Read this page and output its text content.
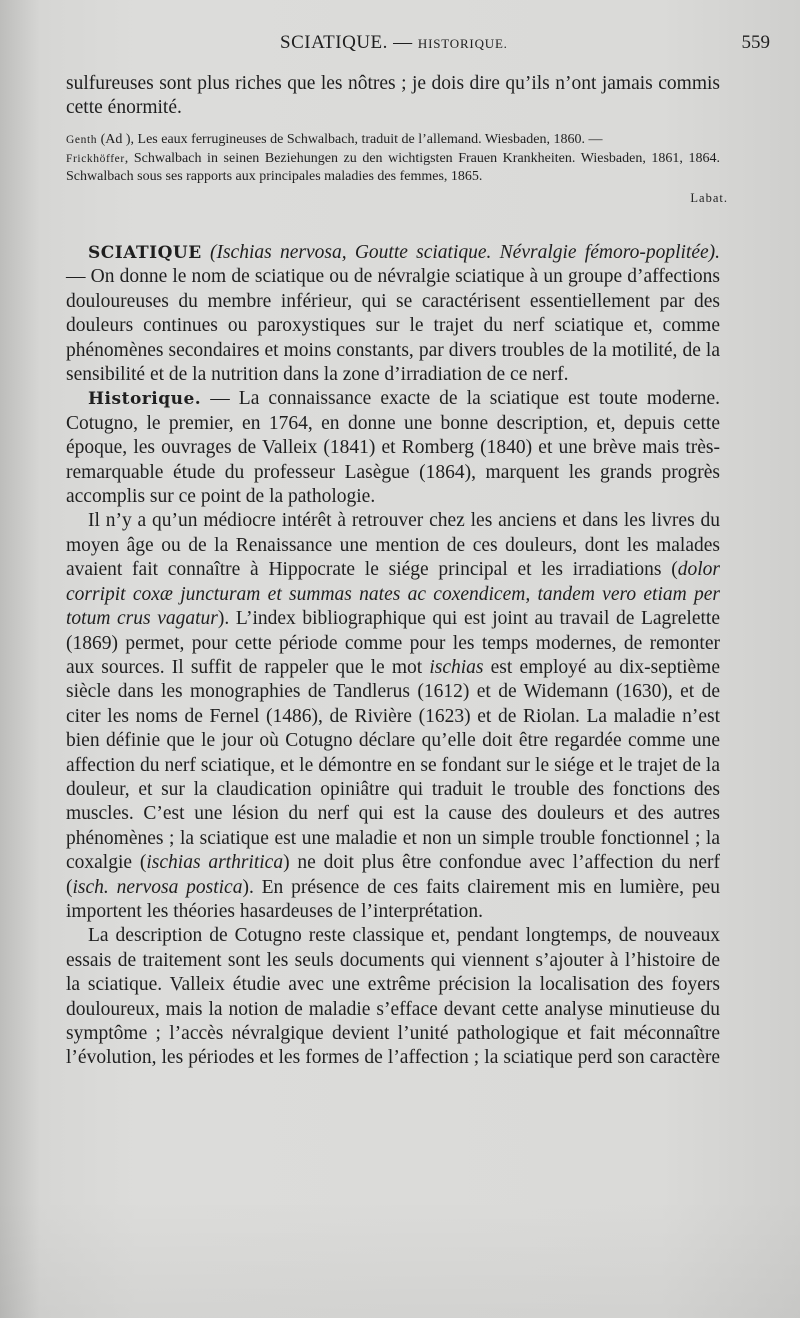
SCIATIQUE. — HISTORIQUE.	559

sulfureuses sont plus riches que les nôtres ; je dois dire qu’ils n’ont jamais commis cette énormité.

Genth (Ad ), Les eaux ferrugineuses de Schwalbach, traduit de l’allemand. Wiesbaden, 1860. —

Frickhöffer, Schwalbach in seinen Beziehungen zu den wichtigsten Frauen Krankheiten. Wiesbaden, 1861, 1864. Schwalbach sous ses rapports aux principales maladies des femmes, 1865.

Labat.

SCIATIQUE (Ischias nervosa, Goutte sciatique. Névralgie fémoro-poplitée). — On donne le nom de sciatique ou de névralgie sciatique à un groupe d’affections douloureuses du membre inférieur, qui se caractérisent essentiellement par des douleurs continues ou paroxystiques sur le trajet du nerf sciatique et, comme phénomènes secondaires et moins constants, par divers troubles de la motilité, de la sensibilité et de la nutrition dans la zone d’irradiation de ce nerf.

Historique. — La connaissance exacte de la sciatique est toute moderne. Cotugno, le premier, en 1764, en donne une bonne description, et, depuis cette époque, les ouvrages de Valleix (1841) et Romberg (1840) et une brève mais très-remarquable étude du professeur Lasègue (1864), marquent les grands progrès accomplis sur ce point de la pathologie.

Il n’y a qu’un médiocre intérêt à retrouver chez les anciens et dans les livres du moyen âge ou de la Renaissance une mention de ces douleurs, dont les malades avaient fait connaître à Hippocrate le siége principal et les irradiations (dolor corripit coxæ juncturam et summas nates ac coxendicem, tandem vero etiam per totum crus vagatur). L’index bibliographique qui est joint au travail de Lagrelette (1869) permet, pour cette période comme pour les temps modernes, de remonter aux sources. Il suffit de rappeler que le mot ischias est employé au dix-septième siècle dans les monographies de Tandlerus (1612) et de Widemann (1630), et de citer les noms de Fernel (1486), de Rivière (1623) et de Riolan. La maladie n’est bien définie que le jour où Cotugno déclare qu’elle doit être regardée comme une affection du nerf sciatique, et le démontre en se fondant sur le siége et le trajet de la douleur, et sur la claudication opiniâtre qui traduit le trouble des fonctions des muscles. C’est une lésion du nerf qui est la cause des douleurs et des autres phénomènes ; la sciatique est une maladie et non un simple trouble fonctionnel ; la coxalgie (ischias arthritica) ne doit plus être confondue avec l’affection du nerf (isch. nervosa postica). En présence de ces faits clairement mis en lumière, peu importent les théories hasardeuses de l’interprétation.

La description de Cotugno reste classique et, pendant longtemps, de nouveaux essais de traitement sont les seuls documents qui viennent s’ajouter à l’histoire de la sciatique. Valleix étudie avec une extrême précision la localisation des foyers douloureux, mais la notion de maladie s’efface devant cette analyse minutieuse du symptôme ; l’accès névralgique devient l’unité pathologique et fait méconnaître l’évolution, les périodes et les formes de l’affection ; la sciatique perd son caractère
